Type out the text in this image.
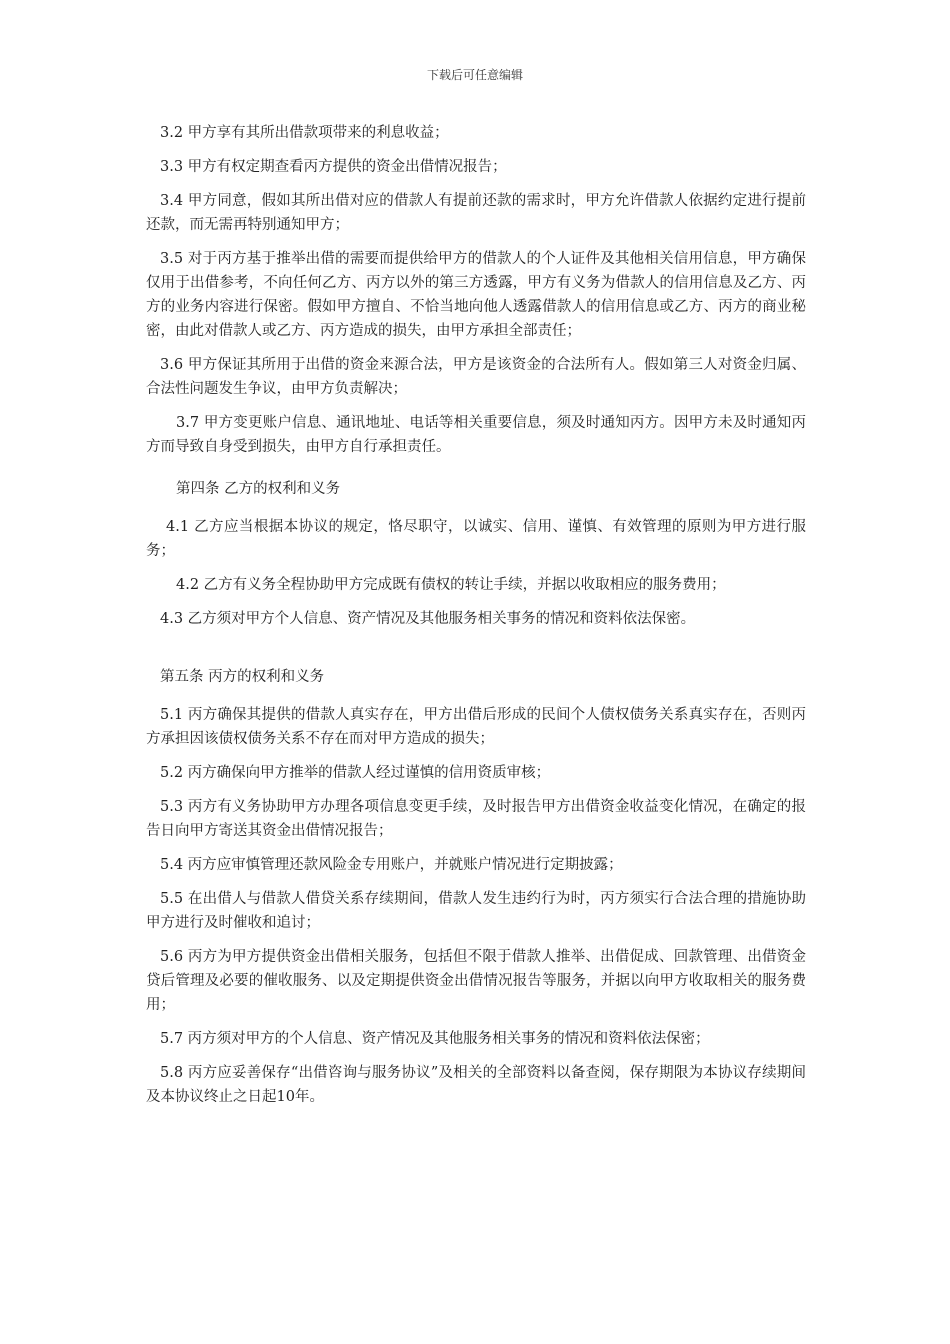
下载后可任意编辑

3.2 甲方享有其所出借款项带来的利息收益；

3.3 甲方有权定期查看丙方提供的资金出借情况报告；

3.4 甲方同意，假如其所出借对应的借款人有提前还款的需求时，甲方允许借款人依据约定进行提前还款，而无需再特别通知甲方；

3.5 对于丙方基于推举出借的需要而提供给甲方的借款人的个人证件及其他相关信用信息，甲方确保仅用于出借参考，不向任何乙方、丙方以外的第三方透露，甲方有义务为借款人的信用信息及乙方、丙方的业务内容进行保密。假如甲方擅自、不恰当地向他人透露借款人的信用信息或乙方、丙方的商业秘密，由此对借款人或乙方、丙方造成的损失，由甲方承担全部责任；

3.6 甲方保证其所用于出借的资金来源合法，甲方是该资金的合法所有人。假如第三人对资金归属、合法性问题发生争议，由甲方负责解决；

3.7 甲方变更账户信息、通讯地址、电话等相关重要信息，须及时通知丙方。因甲方未及时通知丙方而导致自身受到损失，由甲方自行承担责任。

第四条 乙方的权利和义务

4.1 乙方应当根据本协议的规定，恪尽职守，以诚实、信用、谨慎、有效管理的原则为甲方进行服务；

4.2 乙方有义务全程协助甲方完成既有债权的转让手续，并据以收取相应的服务费用；

4.3 乙方须对甲方个人信息、资产情况及其他服务相关事务的情况和资料依法保密。

第五条 丙方的权利和义务

5.1 丙方确保其提供的借款人真实存在，甲方出借后形成的民间个人债权债务关系真实存在，否则丙方承担因该债权债务关系不存在而对甲方造成的损失；

5.2 丙方确保向甲方推举的借款人经过谨慎的信用资质审核；

5.3 丙方有义务协助甲方办理各项信息变更手续，及时报告甲方出借资金收益变化情况，在确定的报告日向甲方寄送其资金出借情况报告；

5.4 丙方应审慎管理还款风险金专用账户，并就账户情况进行定期披露；

5.5 在出借人与借款人借贷关系存续期间，借款人发生违约行为时，丙方须实行合法合理的措施协助甲方进行及时催收和追讨；

5.6 丙方为甲方提供资金出借相关服务，包括但不限于借款人推举、出借促成、回款管理、出借资金贷后管理及必要的催收服务、以及定期提供资金出借情况报告等服务，并据以向甲方收取相关的服务费用；

5.7 丙方须对甲方的个人信息、资产情况及其他服务相关事务的情况和资料依法保密；

5.8 丙方应妥善保存“出借咨询与服务协议”及相关的全部资料以备查阅，保存期限为本协议存续期间及本协议终止之日起10年。
